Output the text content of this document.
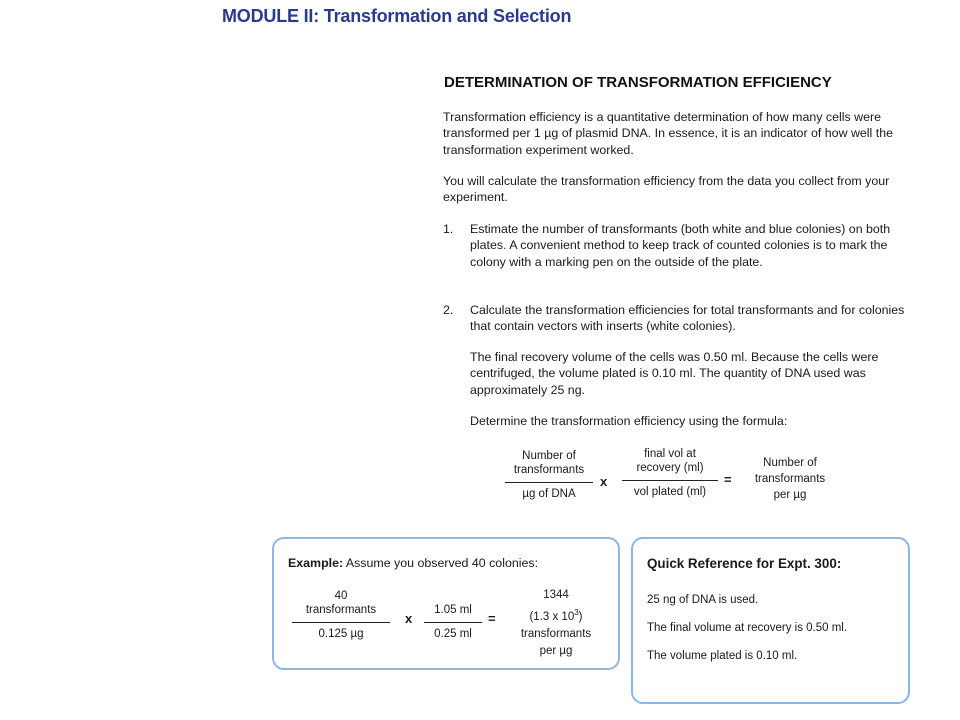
MODULE II: Transformation and Selection
DETERMINATION OF TRANSFORMATION EFFICIENCY

Transformation efficiency is a quantitative determination of how many cells were transformed per 1 µg of plasmid DNA. In essence, it is an indicator of how well the transformation experiment worked.

You will calculate the transformation efficiency from the data you collect from your experiment.

1. Estimate the number of transformants (both white and blue colonies) on both plates. A convenient method to keep track of counted colonies is to mark the colony with a marking pen on the outside of the plate.
2. Calculate the transformation efficiencies for total transformants and for colonies that contain vectors with inserts (white colonies).

The final recovery volume of the cells was 0.50 ml. Because the cells were centrifuged, the volume plated is 0.10 ml. The quantity of DNA used was approximately 25 ng.

Determine the transformation efficiency using the formula:

Number of
transformants
µg of DNA
x
final vol at
recovery (ml)
vol plated (ml)
=
Number of
transformants
per µg
Example: Assume you observed 40 colonies:
40
transformants
0.125 µg
x
1.05 ml
0.25 ml
=
1344
(1.3 x $10^3$)
transformants
per µg
Quick Reference for Expt. 300:
25 ng of DNA is used.
The final volume at recovery is 0.50 ml.
The volume plated is 0.10 ml.
